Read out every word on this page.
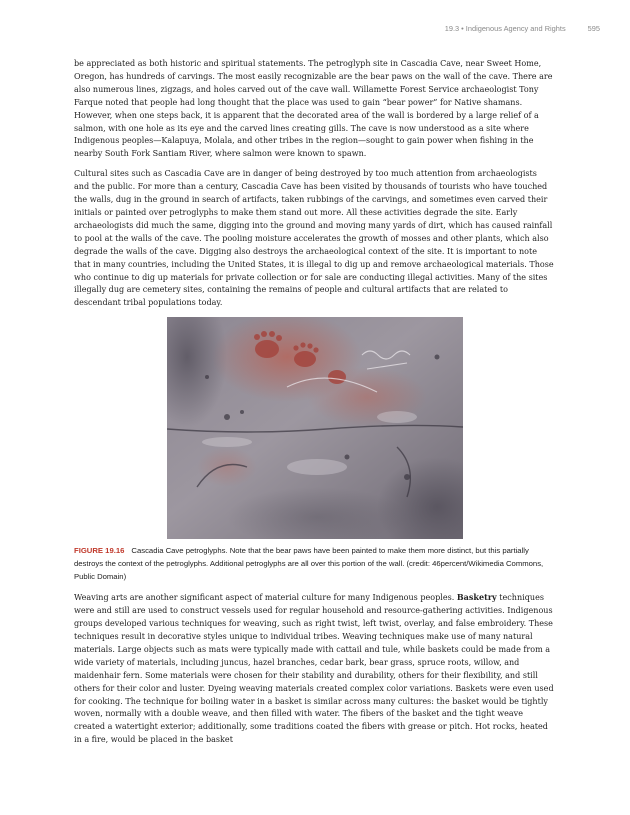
19.3 • Indigenous Agency and Rights	595

be appreciated as both historic and spiritual statements. The petroglyph site in Cascadia Cave, near Sweet Home, Oregon, has hundreds of carvings. The most easily recognizable are the bear paws on the wall of the cave. There are also numerous lines, zigzags, and holes carved out of the cave wall. Willamette Forest Service archaeologist Tony Farque noted that people had long thought that the place was used to gain “bear power” for Native shamans. However, when one steps back, it is apparent that the decorated area of the wall is bordered by a large relief of a salmon, with one hole as its eye and the carved lines creating gills. The cave is now understood as a site where Indigenous peoples—Kalapuya, Molala, and other tribes in the region—sought to gain power when fishing in the nearby South Fork Santiam River, where salmon were known to spawn.

Cultural sites such as Cascadia Cave are in danger of being destroyed by too much attention from archaeologists and the public. For more than a century, Cascadia Cave has been visited by thousands of tourists who have touched the walls, dug in the ground in search of artifacts, taken rubbings of the carvings, and sometimes even carved their initials or painted over petroglyphs to make them stand out more. All these activities degrade the site. Early archaeologists did much the same, digging into the ground and moving many yards of dirt, which has caused rainfall to pool at the walls of the cave. The pooling moisture accelerates the growth of mosses and other plants, which also degrade the walls of the cave. Digging also destroys the archaeological context of the site. It is important to note that in many countries, including the United States, it is illegal to dig up and remove archaeological materials. Those who continue to dig up materials for private collection or for sale are conducting illegal activities. Many of the sites illegally dug are cemetery sites, containing the remains of people and cultural artifacts that are related to descendant tribal populations today.

FIGURE 19.16 Cascadia Cave petroglyphs. Note that the bear paws have been painted to make them more distinct, but this partially destroys the context of the petroglyphs. Additional petroglyphs are all over this portion of the wall. (credit: 46percent/Wikimedia Commons, Public Domain)

Weaving arts are another significant aspect of material culture for many Indigenous peoples. Basketry techniques were and still are used to construct vessels used for regular household and resource-gathering activities. Indigenous groups developed various techniques for weaving, such as right twist, left twist, overlay, and false embroidery. These techniques result in decorative styles unique to individual tribes. Weaving techniques make use of many natural materials. Large objects such as mats were typically made with cattail and tule, while baskets could be made from a wide variety of materials, including juncus, hazel branches, cedar bark, bear grass, spruce roots, willow, and maidenhair fern. Some materials were chosen for their stability and durability, others for their flexibility, and still others for their color and luster. Dyeing weaving materials created complex color variations. Baskets were even used for cooking. The technique for boiling water in a basket is similar across many cultures: the basket would be tightly woven, normally with a double weave, and then filled with water. The fibers of the basket and the tight weave created a watertight exterior; additionally, some traditions coated the fibers with grease or pitch. Hot rocks, heated in a fire, would be placed in the basket
